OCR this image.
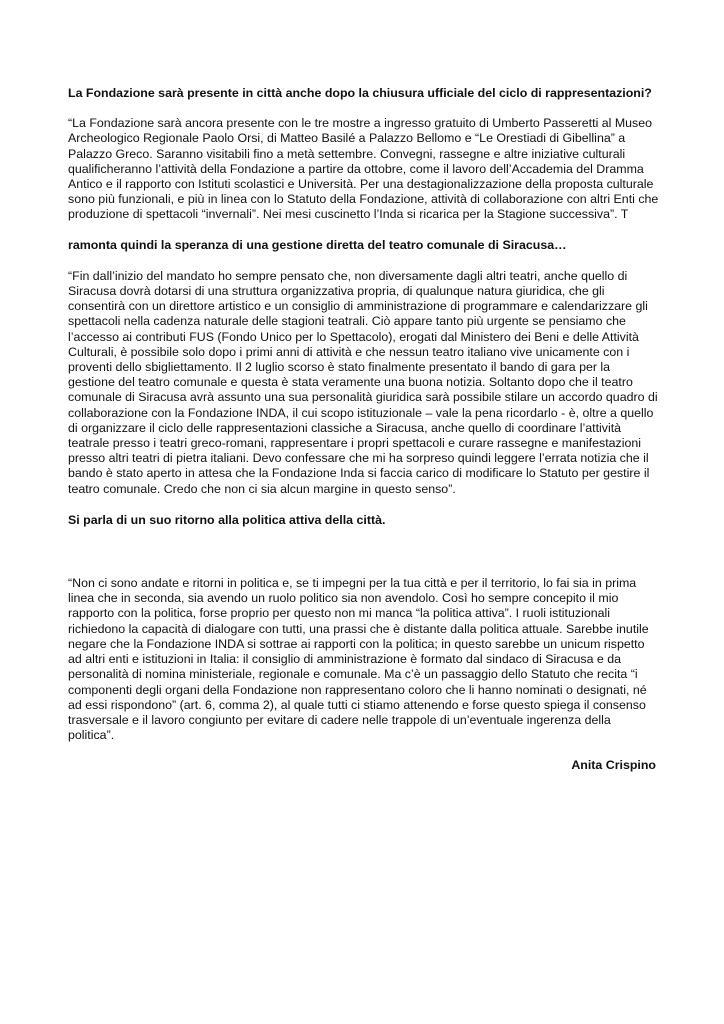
La Fondazione sarà presente in città anche dopo la chiusura ufficiale del ciclo di rappresentazioni?

“La Fondazione sarà ancora presente con le tre mostre a ingresso gratuito di Umberto Passeretti al Museo Archeologico Regionale Paolo Orsi, di Matteo Basilé a Palazzo Bellomo e “Le Orestiadi di Gibellina” a Palazzo Greco. Saranno visitabili fino a metà settembre. Convegni, rassegne e altre iniziative culturali qualificheranno l’attività della Fondazione a partire da ottobre, come il lavoro dell’Accademia del Dramma Antico e il rapporto con Istituti scolastici e Università. Per una destagionalizzazione della proposta culturale sono più funzionali, e più in linea con lo Statuto della Fondazione, attività di collaborazione con altri Enti che produzione di spettacoli “invernali”. Nei mesi cuscinetto l’Inda si ricarica per la Stagione successiva”. T

ramonta quindi la speranza di una gestione diretta del teatro comunale di Siracusa…

“Fin dall’inizio del mandato ho sempre pensato che, non diversamente dagli altri teatri, anche quello di Siracusa dovrà dotarsi di una struttura organizzativa propria, di qualunque natura giuridica, che gli consentirà con un direttore artistico e un consiglio di amministrazione di programmare e calendarizzare gli spettacoli nella cadenza naturale delle stagioni teatrali. Ciò appare tanto più urgente se pensiamo che l’accesso ai contributi FUS (Fondo Unico per lo Spettacolo), erogati dal Ministero dei Beni e delle Attività Culturali, è possibile solo dopo i primi anni di attività e che nessun teatro italiano vive unicamente con i proventi dello sbigliettamento. Il 2 luglio scorso è stato finalmente presentato il bando di gara per la gestione del teatro comunale e questa è stata veramente una buona notizia. Soltanto dopo che il teatro comunale di Siracusa avrà assunto una sua personalità giuridica sarà possibile stilare un accordo quadro di collaborazione con la Fondazione INDA, il cui scopo istituzionale – vale la pena ricordarlo - è, oltre a quello di organizzare il ciclo delle rappresentazioni classiche a Siracusa, anche quello di coordinare l’attività teatrale presso i teatri greco-romani, rappresentare i propri spettacoli e curare rassegne e manifestazioni presso altri teatri di pietra italiani. Devo confessare che mi ha sorpreso quindi leggere l’errata notizia che il bando è stato aperto in attesa che la Fondazione Inda si faccia carico di modificare lo Statuto per gestire il teatro comunale. Credo che non ci sia alcun margine in questo senso”.

Si parla di un suo ritorno alla politica attiva della città.

“Non ci sono andate e ritorni in politica e, se ti impegni per la tua città e per il territorio, lo fai sia in prima linea che in seconda, sia avendo un ruolo politico sia non avendolo. Così ho sempre concepito il mio rapporto con la politica, forse proprio per questo non mi manca “la politica attiva”. I ruoli istituzionali richiedono la capacità di dialogare con tutti, una prassi che è distante dalla politica attuale. Sarebbe inutile negare che la Fondazione INDA si sottrae ai rapporti con la politica; in questo sarebbe un unicum rispetto ad altri enti e istituzioni in Italia: il consiglio di amministrazione è formato dal sindaco di Siracusa e da personalità di nomina ministeriale, regionale e comunale. Ma c’è un passaggio dello Statuto che recita “i componenti degli organi della Fondazione non rappresentano coloro che li hanno nominati o designati, né ad essi rispondono” (art. 6, comma 2), al quale tutti ci stiamo attenendo e forse questo spiega il consenso trasversale e il lavoro congiunto per evitare di cadere nelle trappole di un’eventuale ingerenza della politica”.

Anita Crispino
